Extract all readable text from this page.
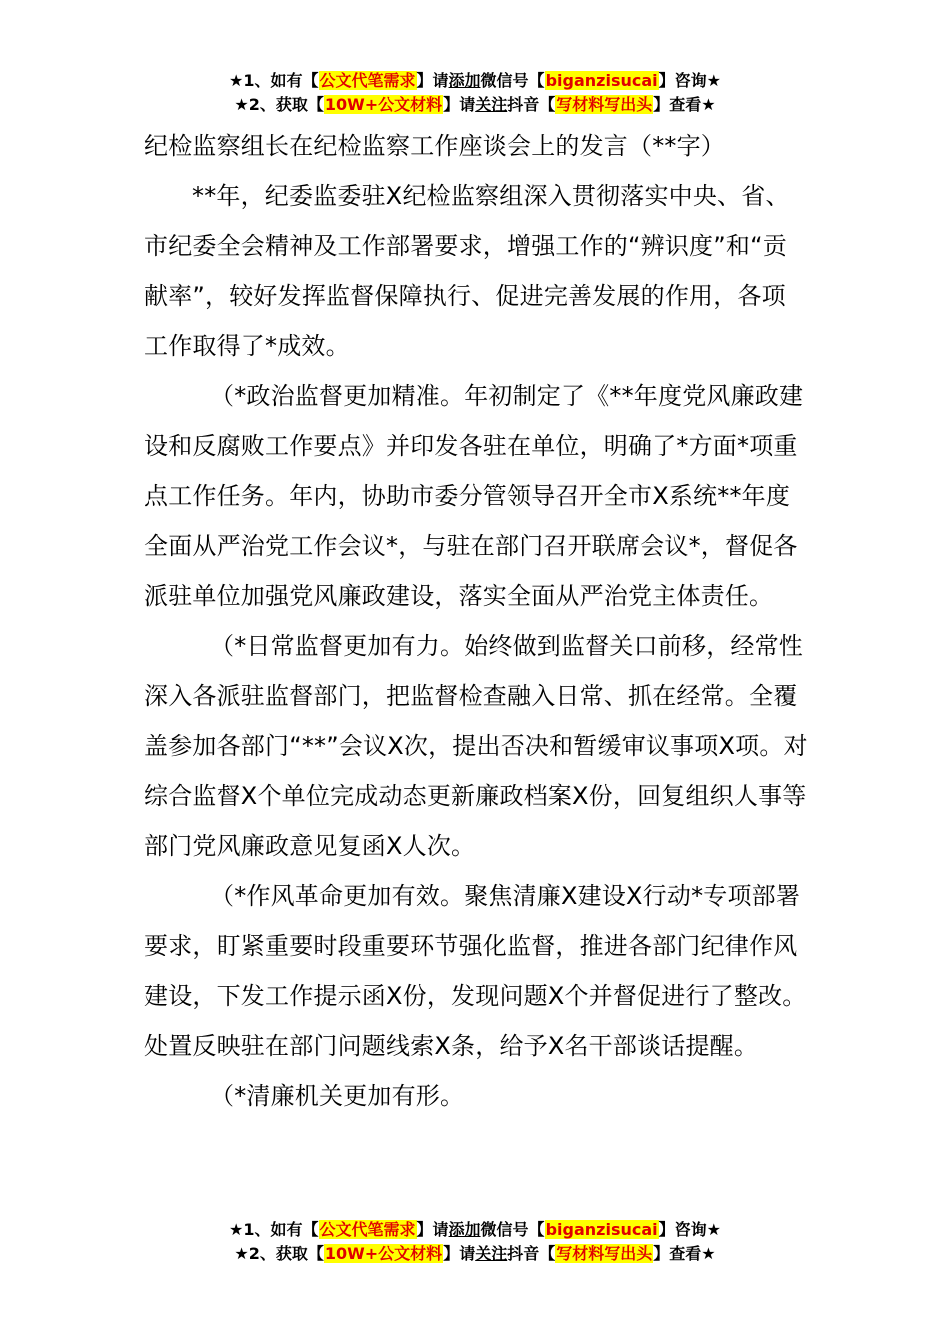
★1、如有【公文代笔需求】请添加微信号【biganzisucai】咨询★
★2、获取【10W+公文材料】请关注抖音【写材料写出头】查看★

纪检监察组长在纪检监察工作座谈会上的发言（**字）

**年，纪委监委驻X纪检监察组深入贯彻落实中央、省、市纪委全会精神及工作部署要求，增强工作的“辨识度”和“贡献率”，较好发挥监督保障执行、促进完善发展的作用，各项工作取得了*成效。

（*政治监督更加精准。年初制定了《**年度党风廉政建设和反腐败工作要点》并印发各驻在单位，明确了*方面*项重点工作任务。年内，协助市委分管领导召开全市X系统**年度全面从严治党工作会议*，与驻在部门召开联席会议*，督促各派驻单位加强党风廉政建设，落实全面从严治党主体责任。

（*日常监督更加有力。始终做到监督关口前移，经常性深入各派驻监督部门，把监督检查融入日常、抓在经常。全覆盖参加各部门“**”会议X次，提出否决和暂缓审议事项X项。对综合监督X个单位完成动态更新廉政档案X份，回复组织人事等部门党风廉政意见复函X人次。

（*作风革命更加有效。聚焦清廉X建设X行动*专项部署要求，盯紧重要时段重要环节强化监督，推进各部门纪律作风建设，下发工作提示函X份，发现问题X个并督促进行了整改。处置反映驻在部门问题线索X条，给予X名干部谈话提醒。

（*清廉机关更加有形。

★1、如有【公文代笔需求】请添加微信号【biganzisucai】咨询★
★2、获取【10W+公文材料】请关注抖音【写材料写出头】查看★
